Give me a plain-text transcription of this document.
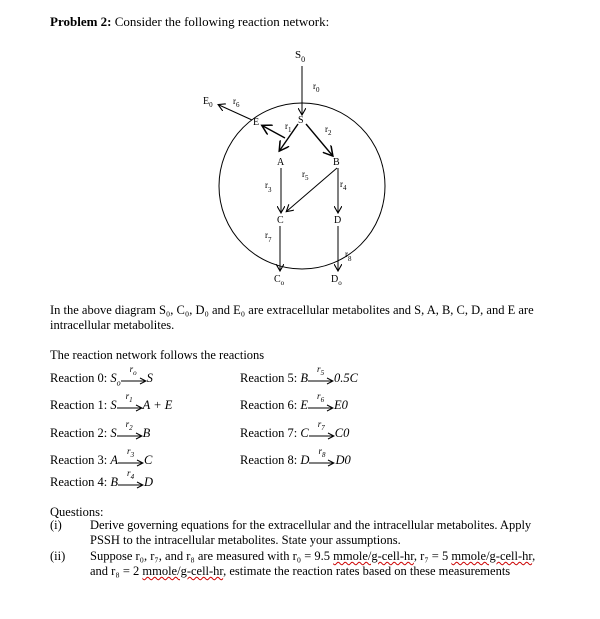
Problem 2: Consider the following reaction network:
$S_0$
S
A	B
E
C	D
$E_0$
$C_o$	$D_o$
$r_0$
$r_1$	$r_2$
$r_6$
$r_3$
$r_5$
$r_4$
$r_7$
$r_8$
In the above diagram S₀, C₀, D₀ and E₀ are extracellular metabolites and S, A, B, C, D, and E are intracellular metabolites.
The reaction network follows the reactions
Reaction 0: $S_o$
$r_o$ S
Reaction 1: S
$r_1$ A + E
Reaction 2: S
$r_2$ B
Reaction 3: A
$r_3$ C
Reaction 4: B
$r_4$ D
Reaction 5: B
$r_5$ 0.5C
Reaction 6: E
$r_6$ E0
Reaction 7: C
$r_7$ C0
Reaction 8: D
$r_8$ D0
Questions:
(i) Derive governing equations for the extracellular and the intracellular metabolites. Apply PSSH to the intracellular metabolites. State your assumptions.
(ii) Suppose r₀, r₇, and r₈ are measured with r₀ = 9.5 mmole/g-cell-hr, r₇ = 5 mmole/g-cell-hr,
and r₈ = 2 mmole/g-cell-hr, estimate the reaction rates based on these measurements
